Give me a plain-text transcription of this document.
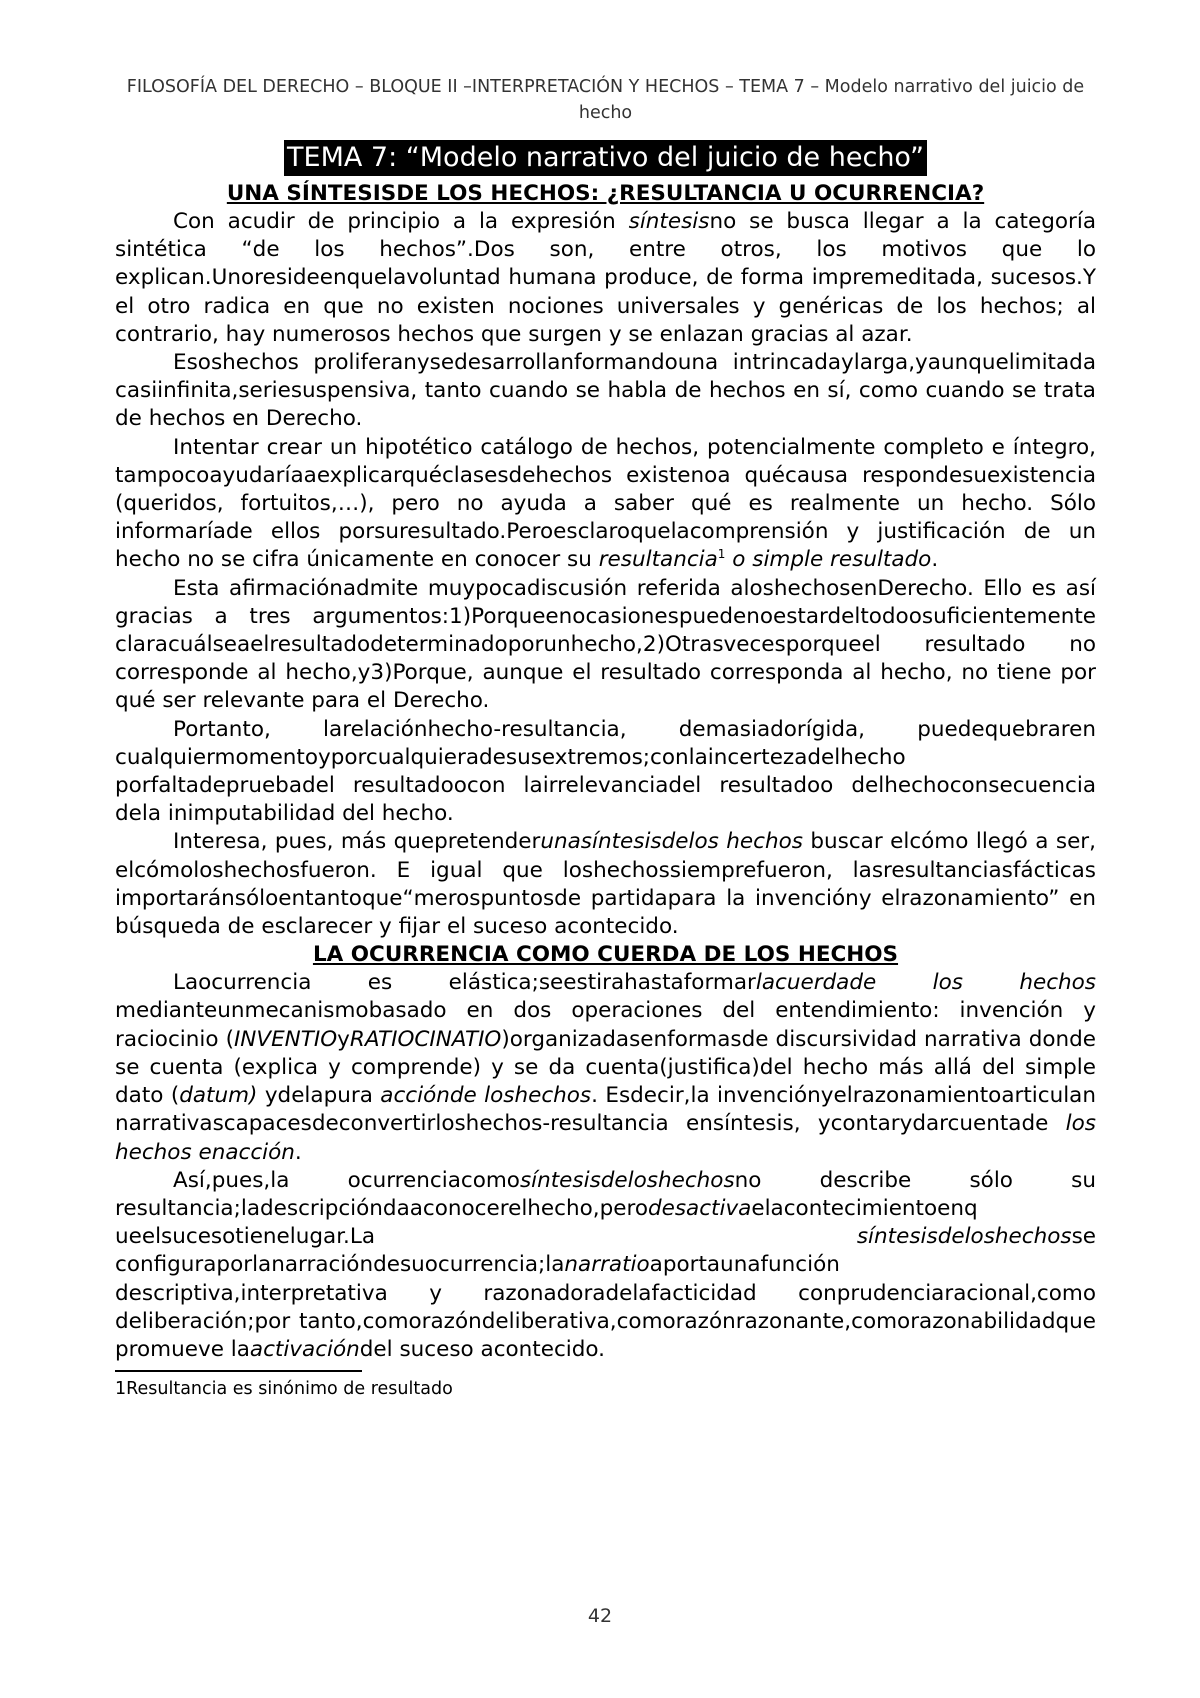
FILOSOFÍA DEL DERECHO – BLOQUE II –INTERPRETACIÓN Y HECHOS – TEMA 7 – Modelo narrativo del juicio de hecho
TEMA 7: “Modelo narrativo del juicio de hecho”
UNA SÍNTESISDE LOS HECHOS: ¿RESULTANCIA U OCURRENCIA?

Con acudir de principio a la expresión síntesisno se busca llegar a la categoría sintética “de los hechos”.Dos son, entre otros, los motivos que lo explican.Unoresideenquelavoluntad humana produce, de forma impremeditada, sucesos.Y el otro radica en que no existen nociones universales y genéricas de los hechos; al contrario, hay numerosos hechos que surgen y se enlazan gracias al azar.

Esoshechos proliferanysedesarrollanformandouna intrincadaylarga,yaunquelimitada casiinfinita,seriesuspensiva, tanto cuando se habla de hechos en sí, como cuando se trata de hechos en Derecho.

Intentar crear un hipotético catálogo de hechos, potencialmente completo e íntegro, tampocoayudaríaaexplicarquéclasesdehechos existenoa quécausa respondesuexistencia (queridos, fortuitos,…), pero no ayuda a saber qué es realmente un hecho. Sólo informaríade ellos porsuresultado.Peroesclaroquelacomprensión y justificación de un hecho no se cifra únicamente en conocer su resultancia$^1$ o simple resultado.

Esta afirmaciónadmite muypocadiscusión referida aloshechosenDerecho. Ello es así gracias a tres argumentos:1)Porqueenocasionespuedenoestardeltodoosuficientemente claracuálseaelresultadodeterminadoporunhecho,2)Otrasvecesporqueel resultado no corresponde al hecho,y3)Porque, aunque el resultado corresponda al hecho, no tiene por qué ser relevante para el Derecho.

Portanto, larelaciónhecho-resultancia, demasiadorígida, puedequebraren cualquiermomentoyporcualquieradesusextremos;conlaincertezadelhecho porfaltadepruebadel resultadoocon lairrelevanciadel resultadoo delhechoconsecuencia dela inimputabilidad del hecho.

Interesa, pues, más quepretenderunasíntesisdelos hechos buscar elcómo llegó a ser, elcómoloshechosfueron. E igual que loshechossiemprefueron, lasresultanciasfácticas importaránsóloentantoque“merospuntosde partidapara la invencióny elrazonamiento” en búsqueda de esclarecer y fijar el suceso acontecido.

LA OCURRENCIA COMO CUERDA DE LOS HECHOS

Laocurrencia es elástica;seestirahastaformarlacuerdade los hechos medianteunmecanismobasado en dos operaciones del entendimiento: invención y raciocinio (INVENTIOyRATIOCINATIO)organizadasenformasde discursividad narrativa donde se cuenta (explica y comprende) y se da cuenta(justifica)del hecho más allá del simple dato (datum) ydelapura acciónde loshechos. Esdecir,la invenciónyelrazonamientoarticulan narrativascapacesdeconvertirloshechos-resultancia ensíntesis, ycontarydarcuentade los hechos enacción.

Así,pues,la ocurrenciacomosíntesisdeloshechosno describe sólo su resultancia;ladescripcióndaaconocerelhecho,perodesactivaelacontecimientoenq ueelsucesotienelugar.La síntesisdeloshechosse configuraporlanarracióndesuocurrencia;lanarratioaportaunafunción descriptiva,interpretativa y razonadoradelafacticidad conprudenciaracional,como deliberación;por tanto,comorazóndeliberativa,comorazónrazonante,comorazonabilidadque promueve laactivacióndel suceso acontecido.

1Resultancia es sinónimo de resultado
42
